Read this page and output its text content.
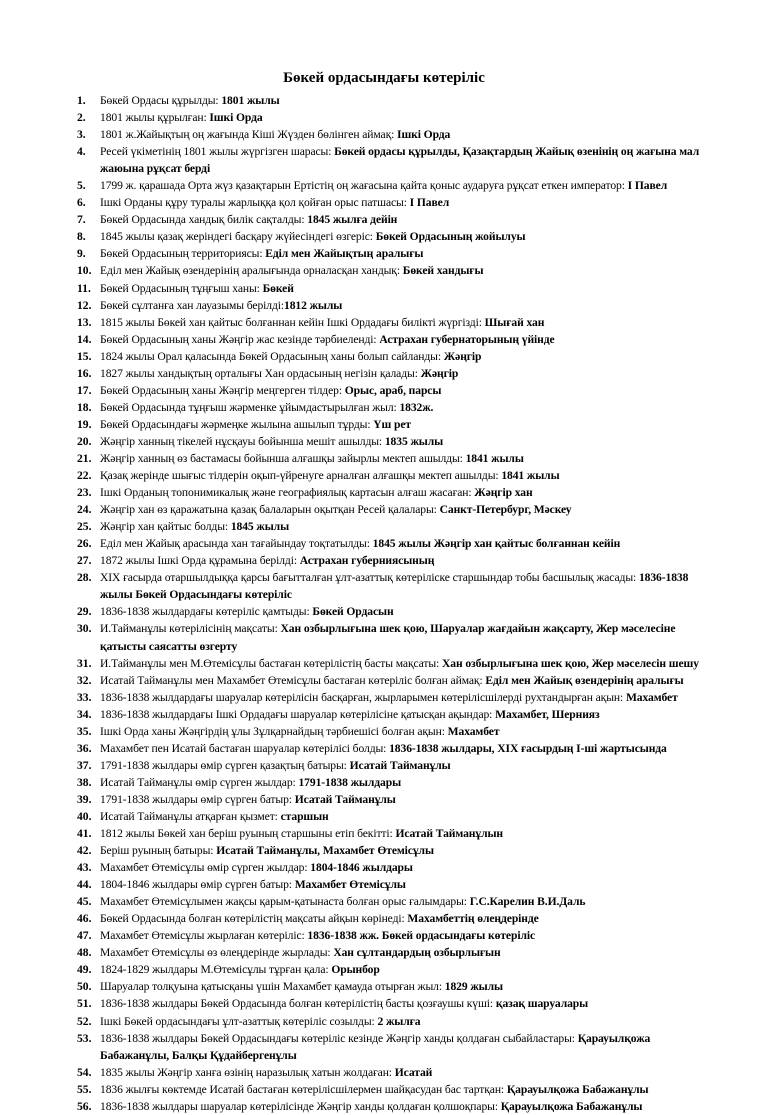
Бөкей ордасындағы көтеріліс
1.	Бөкей Ордасы құрылды: 1801 жылы
2.	1801 жылы құрылған: Ішкі Орда
3.	1801 ж.Жайықтың оң жағында Кіші Жүзден бөлінген аймақ: Ішкі Орда
4.	Ресей үкіметінің 1801 жылы жүргізген шарасы: Бөкей ордасы құрылды, Қазақтардың Жайық өзенінің оң жағына мал жаюына рұқсат берді
5.	1799 ж. қарашада Орта жүз қазақтарын Ертістің оң жағасына қайта қоныс аударуға рұқсат еткен император: І Павел
6.	Ішкі Орданы құру туралы жарлыққа қол қойған орыс патшасы: І Павел
7.	Бөкей Ордасында хандық билік сақталды: 1845 жылға дейін
8.	1845 жылы қазақ жеріндегі басқару жүйесіндегі өзгеріс: Бөкей Ордасының жойылуы
9.	Бөкей Ордасының территориясы: Еділ мен Жайықтың аралығы
10. Еділ мен Жайық өзендерінің аралығында орналасқан хандық: Бөкей хандығы
11. Бөкей Ордасының тұңғыш ханы: Бөкей
12. Бөкей сұлтанға хан лауазымы берілді:1812 жылы
13. 1815 жылы Бөкей хан қайтыс болғаннан кейін Ішкі Ордадағы билікті жүргізді: Шығай хан
14. Бөкей Ордасының ханы Жәңгір жас кезінде тәрбиеленді: Астрахан губернаторының үйінде
15. 1824 жылы Орал қаласында Бөкей Ордасының ханы болып сайланды: Жәңгір
16. 1827 жылы хандықтың орталығы Хан ордасының негізін қалады: Жәңгір
17. Бөкей Ордасының ханы Жәңгір меңгерген тілдер: Орыс, араб, парсы
18. Бөкей Ордасында тұңғыш жәрменке ұйымдастырылған жыл: 1832ж.
19. Бөкей Ордасындағы жәрмеңке жылына ашылып тұрды: Үш рет
20. Жәңгір ханның тікелей нұсқауы бойынша мешіт ашылды: 1835 жылы
21. Жәңгір ханның өз бастамасы бойынша алғашқы зайырлы мектеп ашылды: 1841 жылы
22. Қазақ жерінде шығыс тілдерін оқып-үйренуге арналған алғашқы мектеп ашылды: 1841 жылы
23. Ішкі Орданың топонимикалық және географиялық картасын алғаш жасаған: Жәңгір хан
24. Жәңгір хан өз қаражатына қазақ балаларын оқытқан Ресей қалалары: Санкт-Петербург, Мәскеу
25. Жәңгір хан қайтыс болды: 1845 жылы
26. Еділ мен Жайық арасында хан тағайындау тоқтатылды: 1845 жылы Жәңгір хан қайтыс болғаннан кейін
27. 1872 жылы Ішкі Орда құрамына берілді: Астрахан губерниясының
28. ХІХ ғасырда отаршылдыққа қарсы бағытталған ұлт-азаттық көтеріліске старшындар тобы басшылық жасады: 1836-1838 жылы Бөкей Ордасындағы көтеріліс
29. 1836-1838 жылдардағы көтеріліс қамтыды: Бөкей Ордасын
30. И.Тайманұлы көтерілісінің мақсаты: Хан озбырлығына шек қою, Шаруалар жағдайын жақсарту, Жер мәселесіне қатысты саясатты өзгерту
31. И.Тайманұлы мен М.Өтемісұлы бастаған көтерілістің басты мақсаты: Хан озбырлығына шек қою, Жер мәселесін шешу
32. Исатай Тайманұлы мен Махамбет Өтемісұлы бастаған көтеріліс болған аймақ: Еділ мен Жайық өзендерінің аралығы
33. 1836-1838 жылдардағы шаруалар көтерілісін басқарған, жырларымен көтерілісшілерді рухтандырған ақын: Махамбет
34. 1836-1838 жылдардағы Ішкі Ордадағы шаруалар көтерілісіне қатысқан ақындар: Махамбет, Шернияз
35. Ішкі Орда ханы Жәңгірдің ұлы Зұлқарнайдың тәрбиешісі болған ақын: Махамбет
36. Махамбет пен Исатай бастаған шаруалар көтерілісі болды: 1836-1838 жылдары, ХІХ ғасырдың І-ші жартысында
37. 1791-1838 жылдары өмір сүрген қазақтың батыры: Исатай Тайманұлы
38. Исатай Тайманұлы өмір сүрген жылдар: 1791-1838 жылдары
39. 1791-1838 жылдары өмір сүрген батыр: Исатай Тайманұлы
40. Исатай Тайманұлы атқарған қызмет: старшын
41. 1812 жылы Бөкей хан беріш руының старшыны етіп бекітті: Исатай Тайманұлын
42. Беріш руының батыры: Исатай Тайманұлы, Махамбет Өтемісұлы
43. Махамбет Өтемісұлы өмір сүрген жылдар: 1804-1846 жылдары
44. 1804-1846 жылдары өмір сүрген батыр: Махамбет Өтемісұлы
45. Махамбет Өтемісұлымен жақсы қарым-қатынаста болған орыс ғалымдары: Г.С.Карелин В.И.Даль
46. Бөкей Ордасында болған көтерілістің мақсаты айқын көрінеді: Махамбеттің өлеңдерінде
47. Махамбет Өтемісұлы жырлаған көтеріліс: 1836-1838 жж. Бөкей ордасындағы көтеріліс
48. Махамбет Өтемісұлы өз өлеңдерінде жырлады: Хан сұлтандардың озбырлығын
49. 1824-1829 жылдары М.Өтемісұлы тұрған қала: Орынбор
50. Шаруалар толқуына қатысқаны үшін Махамбет қамауда отырған жыл: 1829 жылы
51. 1836-1838 жылдары Бөкей Ордасында болған көтерілістің басты қозғаушы күші: қазақ шаруалары
52. Ішкі Бөкей ордасындағы ұлт-азаттық көтеріліс созылды: 2 жылға
53. 1836-1838 жылдары Бөкей Ордасындағы көтеріліс кезінде Жәңгір ханды қолдаған сыбайластары: Қарауылқожа Бабажанұлы, Балқы Құдайбергенұлы
54. 1835 жылы Жәңгір ханға өзінің наразылық хатын жолдаған: Исатай
55. 1836 жылғы көктемде Исатай бастаған көтерілісшілермен шайқасудан бас тартқан: Қарауылқожа Бабажанұлы
56. 1836-1838 жылдары шаруалар көтерілісінде Жәңгір ханды қолдаған қолшоқпары: Қарауылқожа Бабажанұлы
